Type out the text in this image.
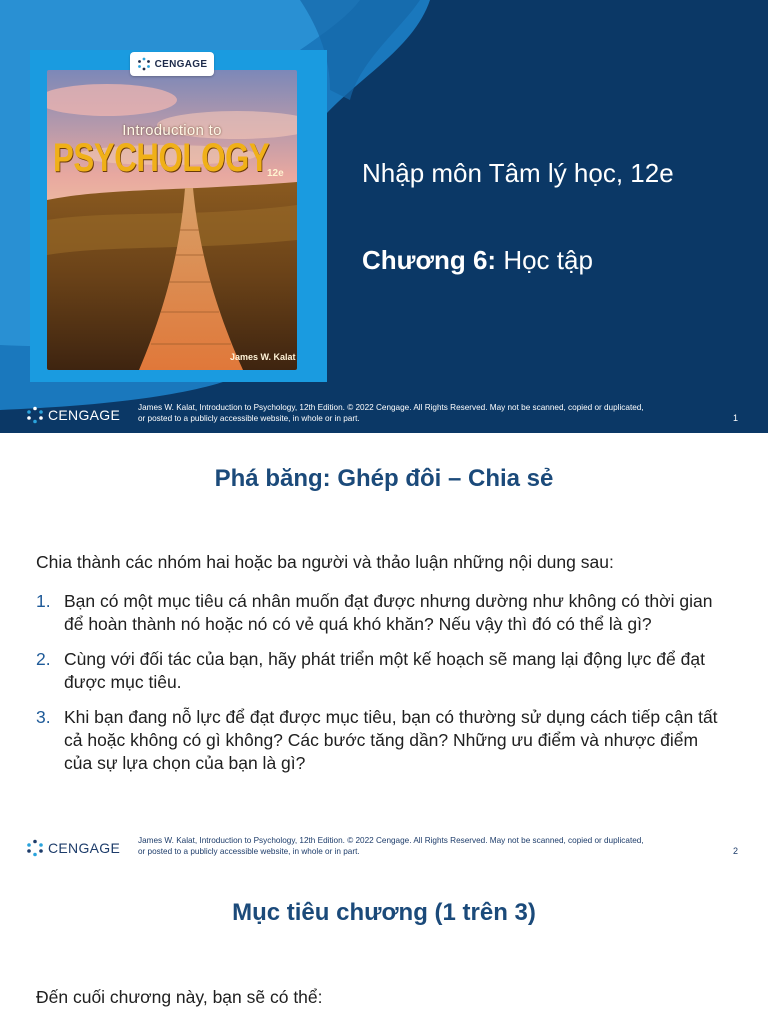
Introduction to
PSYCHOLOGY
12e
James W. Kalat
CENGAGE
Nhập môn Tâm lý học, 12e
Chương 6: Học tập
CENGAGE James W. Kalat, Introduction to Psychology, 12th Edition. © 2022 Cengage. All Rights Reserved. May not be scanned, copied or duplicated,
or posted to a publicly accessible website, in whole or in part.	1
Phá băng: Ghép đôi – Chia sẻ
Chia thành các nhóm hai hoặc ba người và thảo luận những nội dung sau:
1. Bạn có một mục tiêu cá nhân muốn đạt được nhưng dường như không có thời gian để hoàn thành nó hoặc nó có vẻ quá khó khăn? Nếu vậy thì đó có thể là gì?
2. Cùng với đối tác của bạn, hãy phát triển một kế hoạch sẽ mang lại động lực để đạt được mục tiêu.
3. Khi bạn đang nỗ lực để đạt được mục tiêu, bạn có thường sử dụng cách tiếp cận tất cả hoặc không có gì không? Các bước tăng dần? Những ưu điểm và nhược điểm của sự lựa chọn của bạn là gì?
CENGAGE James W. Kalat, Introduction to Psychology, 12th Edition. © 2022 Cengage. All Rights Reserved. May not be scanned, copied or duplicated,
or posted to a publicly accessible website, in whole or in part.	2
Mục tiêu chương (1 trên 3)
Đến cuối chương này, bạn sẽ có thể:
